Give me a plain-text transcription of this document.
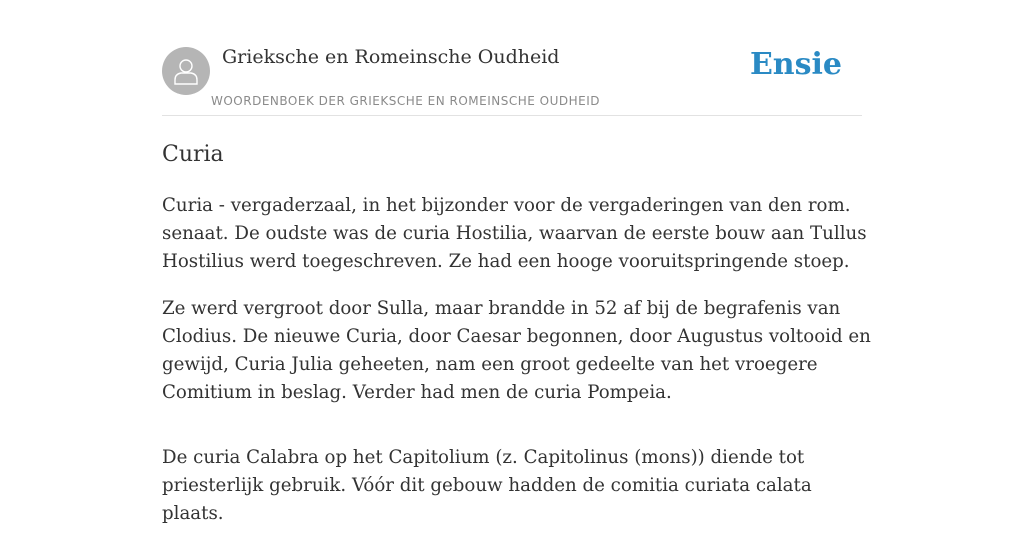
Grieksche en Romeinsche Oudheid
WOORDENBOEK DER GRIEKSCHE EN ROMEINSCHE OUDHEID
Ensie
Curia

Curia - vergaderzaal, in het bijzonder voor de vergaderingen van den rom. senaat. De oudste was de curia Hostilia, waarvan de eerste bouw aan Tullus Hostilius werd toegeschreven. Ze had een hooge vooruitspringende stoep.

Ze werd vergroot door Sulla, maar brandde in 52 af bij de begrafenis van Clodius. De nieuwe Curia, door Caesar begonnen, door Augustus voltooid en gewijd, Curia Julia geheeten, nam een groot gedeelte van het vroegere Comitium in beslag. Verder had men de curia Pompeia.

De curia Calabra op het Capitolium (z. Capitolinus (mons)) diende tot priesterlijk gebruik. Vóór dit gebouw hadden de comitia curiata calata plaats.
